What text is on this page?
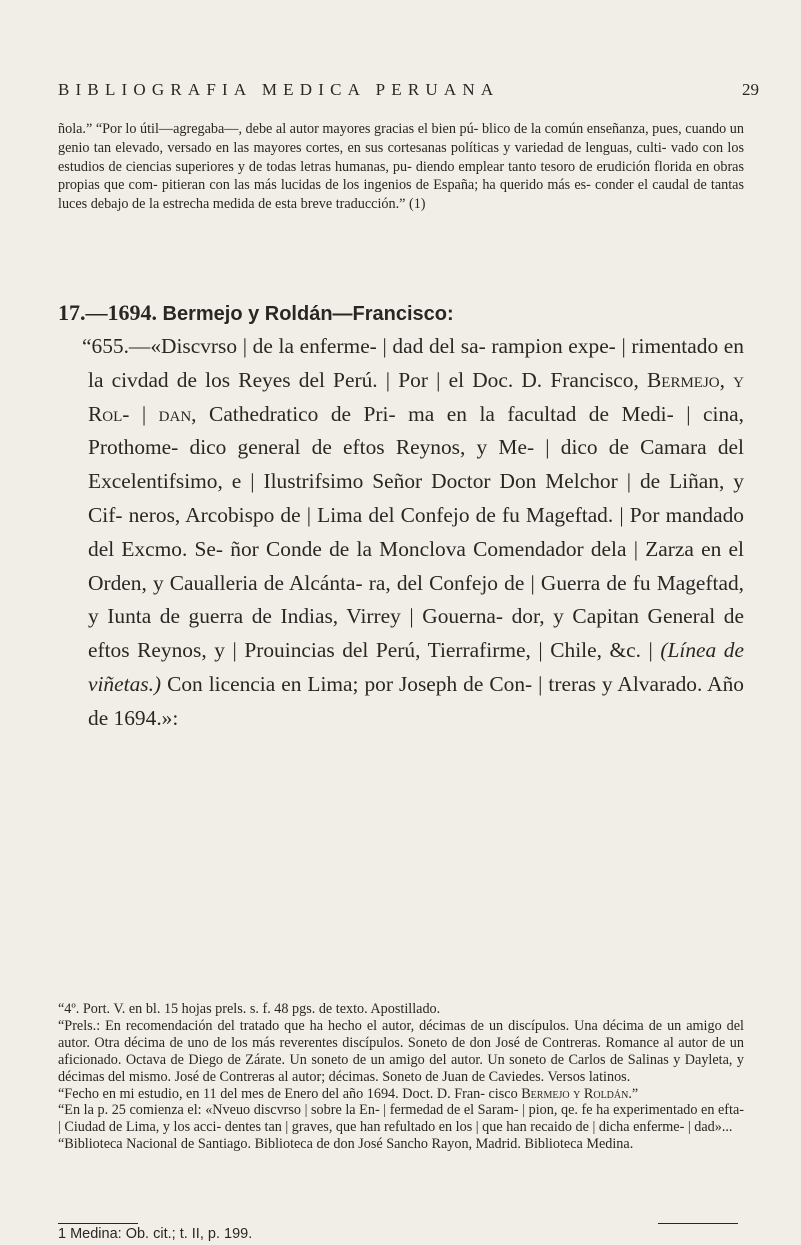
BIBLIOGRAFIA MEDICA PERUANA	29

ñola.” “Por lo útil—agregaba—, debe al autor mayores gracias el bien pú- blico de la común enseñanza, pues, cuando un genio tan elevado, versado en las mayores cortes, en sus cortesanas políticas y variedad de lenguas, culti- vado con los estudios de ciencias superiores y de todas letras humanas, pu- diendo emplear tanto tesoro de erudición florida en obras propias que com- pitieran con las más lucidas de los ingenios de España; ha querido más es- conder el caudal de tantas luces debajo de la estrecha medida de esta breve traducción.” (1)

17.—1694. Bermejo y Roldán—Francisco:

“655.—«Discvrso | de la enferme- | dad del sa- rampion expe- | rimentado en la civdad de los Reyes del Perú. | Por | el Doc. D. Francisco, Bermejo, y Rol- | dan, Cathedratico de Pri- ma en la facultad de Medi- | cina, Prothome- dico general de eftos Reynos, y Me- | dico de Camara del Excelentifsimo, e | Ilustrifsimo Señor Doctor Don Melchor | de Liñan, y Cif- neros, Arcobispo de | Lima del Confejo de fu Mageftad. | Por mandado del Excmo. Se- ñor Conde de la Monclova Comendador dela | Zarza en el Orden, y Caualleria de Alcánta- ra, del Confejo de | Guerra de fu Mageftad, y Iunta de guerra de Indias, Virrey | Gouerna- dor, y Capitan General de eftos Reynos, y | Prouincias del Perú, Tierrafirme, | Chile, &c. | (Línea de viñetas.) Con licencia en Lima; por Joseph de Con- | treras y Alvarado. Año de 1694.»:

“4º. Port. V. en bl. 15 hojas prels. s. f. 48 pgs. de texto. Apostillado.

“Prels.: En recomendación del tratado que ha hecho el autor, décimas de un discípulos. Una décima de un amigo del autor. Otra décima de uno de los más reverentes discípulos. Soneto de don José de Contreras. Romance al autor de un aficionado. Octava de Diego de Zárate. Un soneto de un amigo del autor. Un soneto de Carlos de Salinas y Dayleta, y décimas del mismo. José de Contreras al autor; décimas. Soneto de Juan de Caviedes. Versos latinos.

“Fecho en mi estudio, en 11 del mes de Enero del año 1694. Doct. D. Fran- cisco Bermejo y Roldán.”

“En la p. 25 comienza el: «Nveuo discvrso | sobre la En- | fermedad de el Saram- | pion, qe. fe ha experimentado en efta-| Ciudad de Lima, y los acci- dentes tan | graves, que han refultado en los | que han recaido de | dicha enferme- | dad»...

“Biblioteca Nacional de Santiago. Biblioteca de don José Sancho Rayon, Madrid. Biblioteca Medina.

1 Medina: Ob. cit.; t. II, p. 199.
